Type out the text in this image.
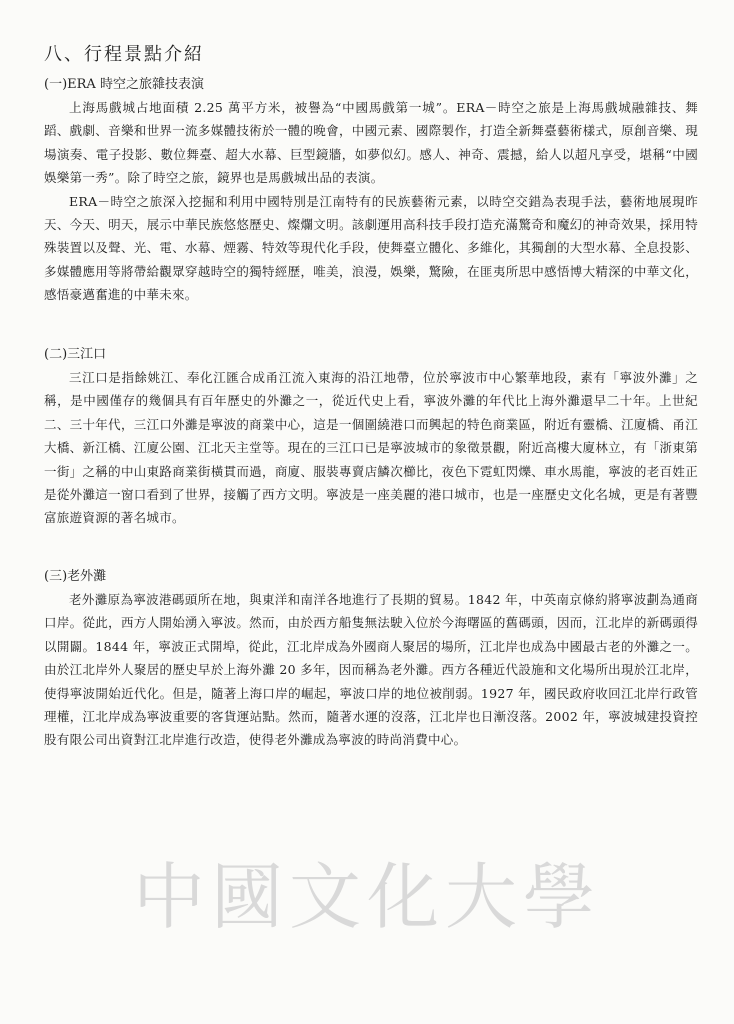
八、行程景點介紹
(一)ERA 時空之旅雜技表演

上海馬戲城占地面積 2.25 萬平方米，被譽為“中國馬戲第一城”。ERA－時空之旅是上海馬戲城融雜技、舞蹈、戲劇、音樂和世界一流多媒體技術於一體的晚會，中國元素、國際製作，打造全新舞臺藝術樣式，原創音樂、現場演奏、電子投影、數位舞臺、超大水幕、巨型鏡牆，如夢似幻。感人、神奇、震撼，給人以超凡享受，堪稱“中國娛樂第一秀”。除了時空之旅，鏡界也是馬戲城出品的表演。

ERA－時空之旅深入挖掘和利用中國特別是江南特有的民族藝術元素，以時空交錯為表現手法，藝術地展現昨天、今天、明天，展示中華民族悠悠歷史、燦爛文明。該劇運用高科技手段打造充滿驚奇和魔幻的神奇效果，採用特殊裝置以及聲、光、電、水幕、煙霧、特效等現代化手段，使舞臺立體化、多維化，其獨創的大型水幕、全息投影、多媒體應用等將帶給觀眾穿越時空的獨特經歷，唯美，浪漫，娛樂，驚險，在匪夷所思中感悟博大精深的中華文化，感悟豪邁奮進的中華未來。

(二)三江口

三江口是指餘姚江、奉化江匯合成甬江流入東海的沿江地帶，位於寧波市中心繁華地段，素有「寧波外灘」之稱，是中國僅存的幾個具有百年歷史的外灘之一，從近代史上看，寧波外灘的年代比上海外灘還早二十年。上世紀二、三十年代，三江口外灘是寧波的商業中心，這是一個圍繞港口而興起的特色商業區，附近有靈橋、江廈橋、甬江大橋、新江橋、江廈公園、江北天主堂等。現在的三江口已是寧波城市的象徵景觀，附近高樓大廈林立，有「浙東第一街」之稱的中山東路商業街橫貫而過，商廈、服裝專賣店鱗次櫛比，夜色下霓虹閃爍、車水馬龍，寧波的老百姓正是從外灘這一窗口看到了世界，接觸了西方文明。寧波是一座美麗的港口城市，也是一座歷史文化名城，更是有著豐富旅遊資源的著名城市。

(三)老外灘

老外灘原為寧波港碼頭所在地，與東洋和南洋各地進行了長期的貿易。1842 年，中英南京條約將寧波劃為通商口岸。從此，西方人開始湧入寧波。然而，由於西方船隻無法駛入位於今海曙區的舊碼頭，因而，江北岸的新碼頭得以開闢。1844 年，寧波正式開埠，從此，江北岸成為外國商人聚居的場所，江北岸也成為中國最古老的外灘之一。由於江北岸外人聚居的歷史早於上海外灘 20 多年，因而稱為老外灘。西方各種近代設施和文化場所出現於江北岸，使得寧波開始近代化。但是，隨著上海口岸的崛起，寧波口岸的地位被削弱。1927 年，國民政府收回江北岸行政管理權，江北岸成為寧波重要的客貨運站點。然而，隨著水運的沒落，江北岸也日漸沒落。2002 年，寧波城建投資控股有限公司出資對江北岸進行改造，使得老外灘成為寧波的時尚消費中心。

中國文化大學
